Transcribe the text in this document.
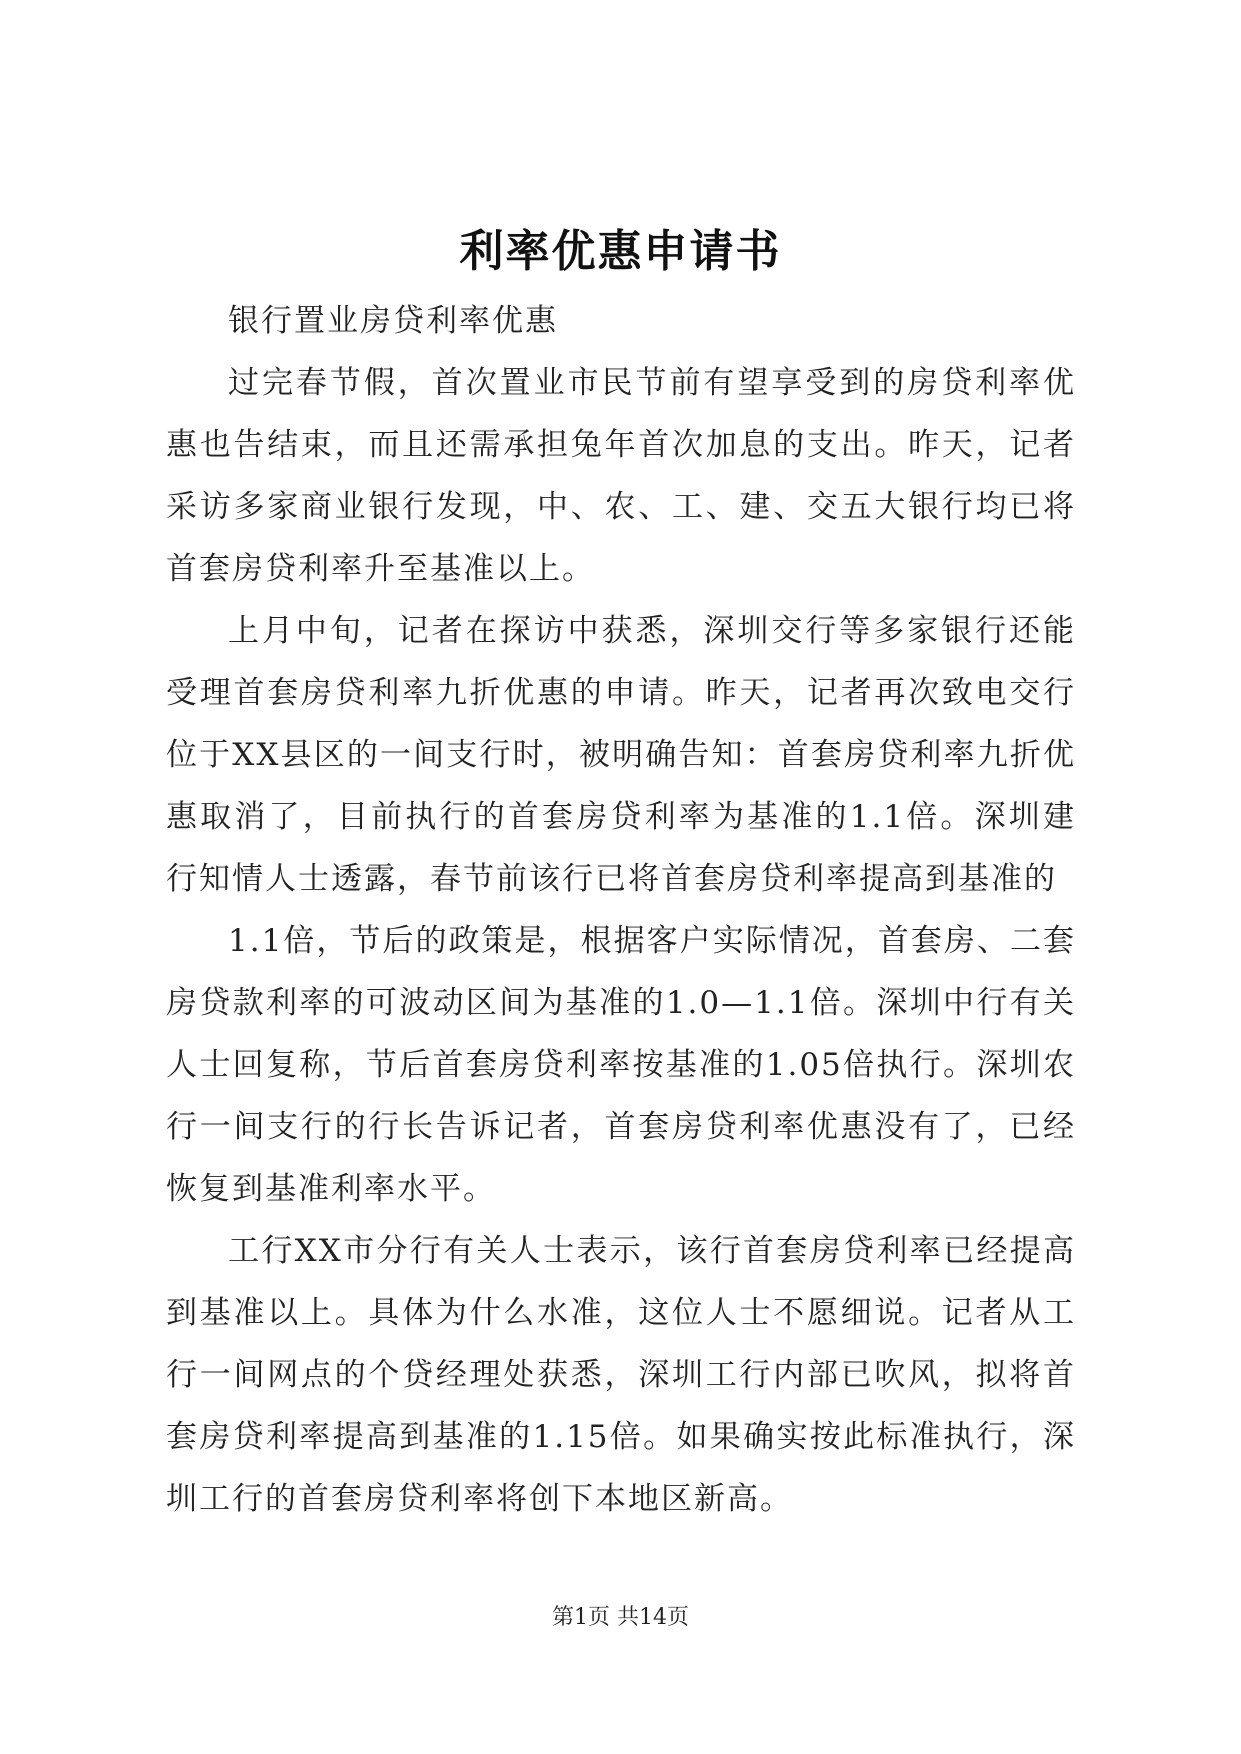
利率优惠申请书

银行置业房贷利率优惠

过完春节假，首次置业市民节前有望享受到的房贷利率优惠也告结束，而且还需承担兔年首次加息的支出。昨天，记者采访多家商业银行发现，中、农、工、建、交五大银行均已将首套房贷利率升至基准以上。

上月中旬，记者在探访中获悉，深圳交行等多家银行还能受理首套房贷利率九折优惠的申请。昨天，记者再次致电交行位于XX县区的一间支行时，被明确告知：首套房贷利率九折优惠取消了，目前执行的首套房贷利率为基准的1.1倍。深圳建行知情人士透露，春节前该行已将首套房贷利率提高到基准的

1.1倍，节后的政策是，根据客户实际情况，首套房、二套房贷款利率的可波动区间为基准的1.0—1.1倍。深圳中行有关人士回复称，节后首套房贷利率按基准的1.05倍执行。深圳农行一间支行的行长告诉记者，首套房贷利率优惠没有了，已经恢复到基准利率水平。

工行XX市分行有关人士表示，该行首套房贷利率已经提高到基准以上。具体为什么水准，这位人士不愿细说。记者从工行一间网点的个贷经理处获悉，深圳工行内部已吹风，拟将首套房贷利率提高到基准的1.15倍。如果确实按此标准执行，深圳工行的首套房贷利率将创下本地区新高。

第1页 共14页
